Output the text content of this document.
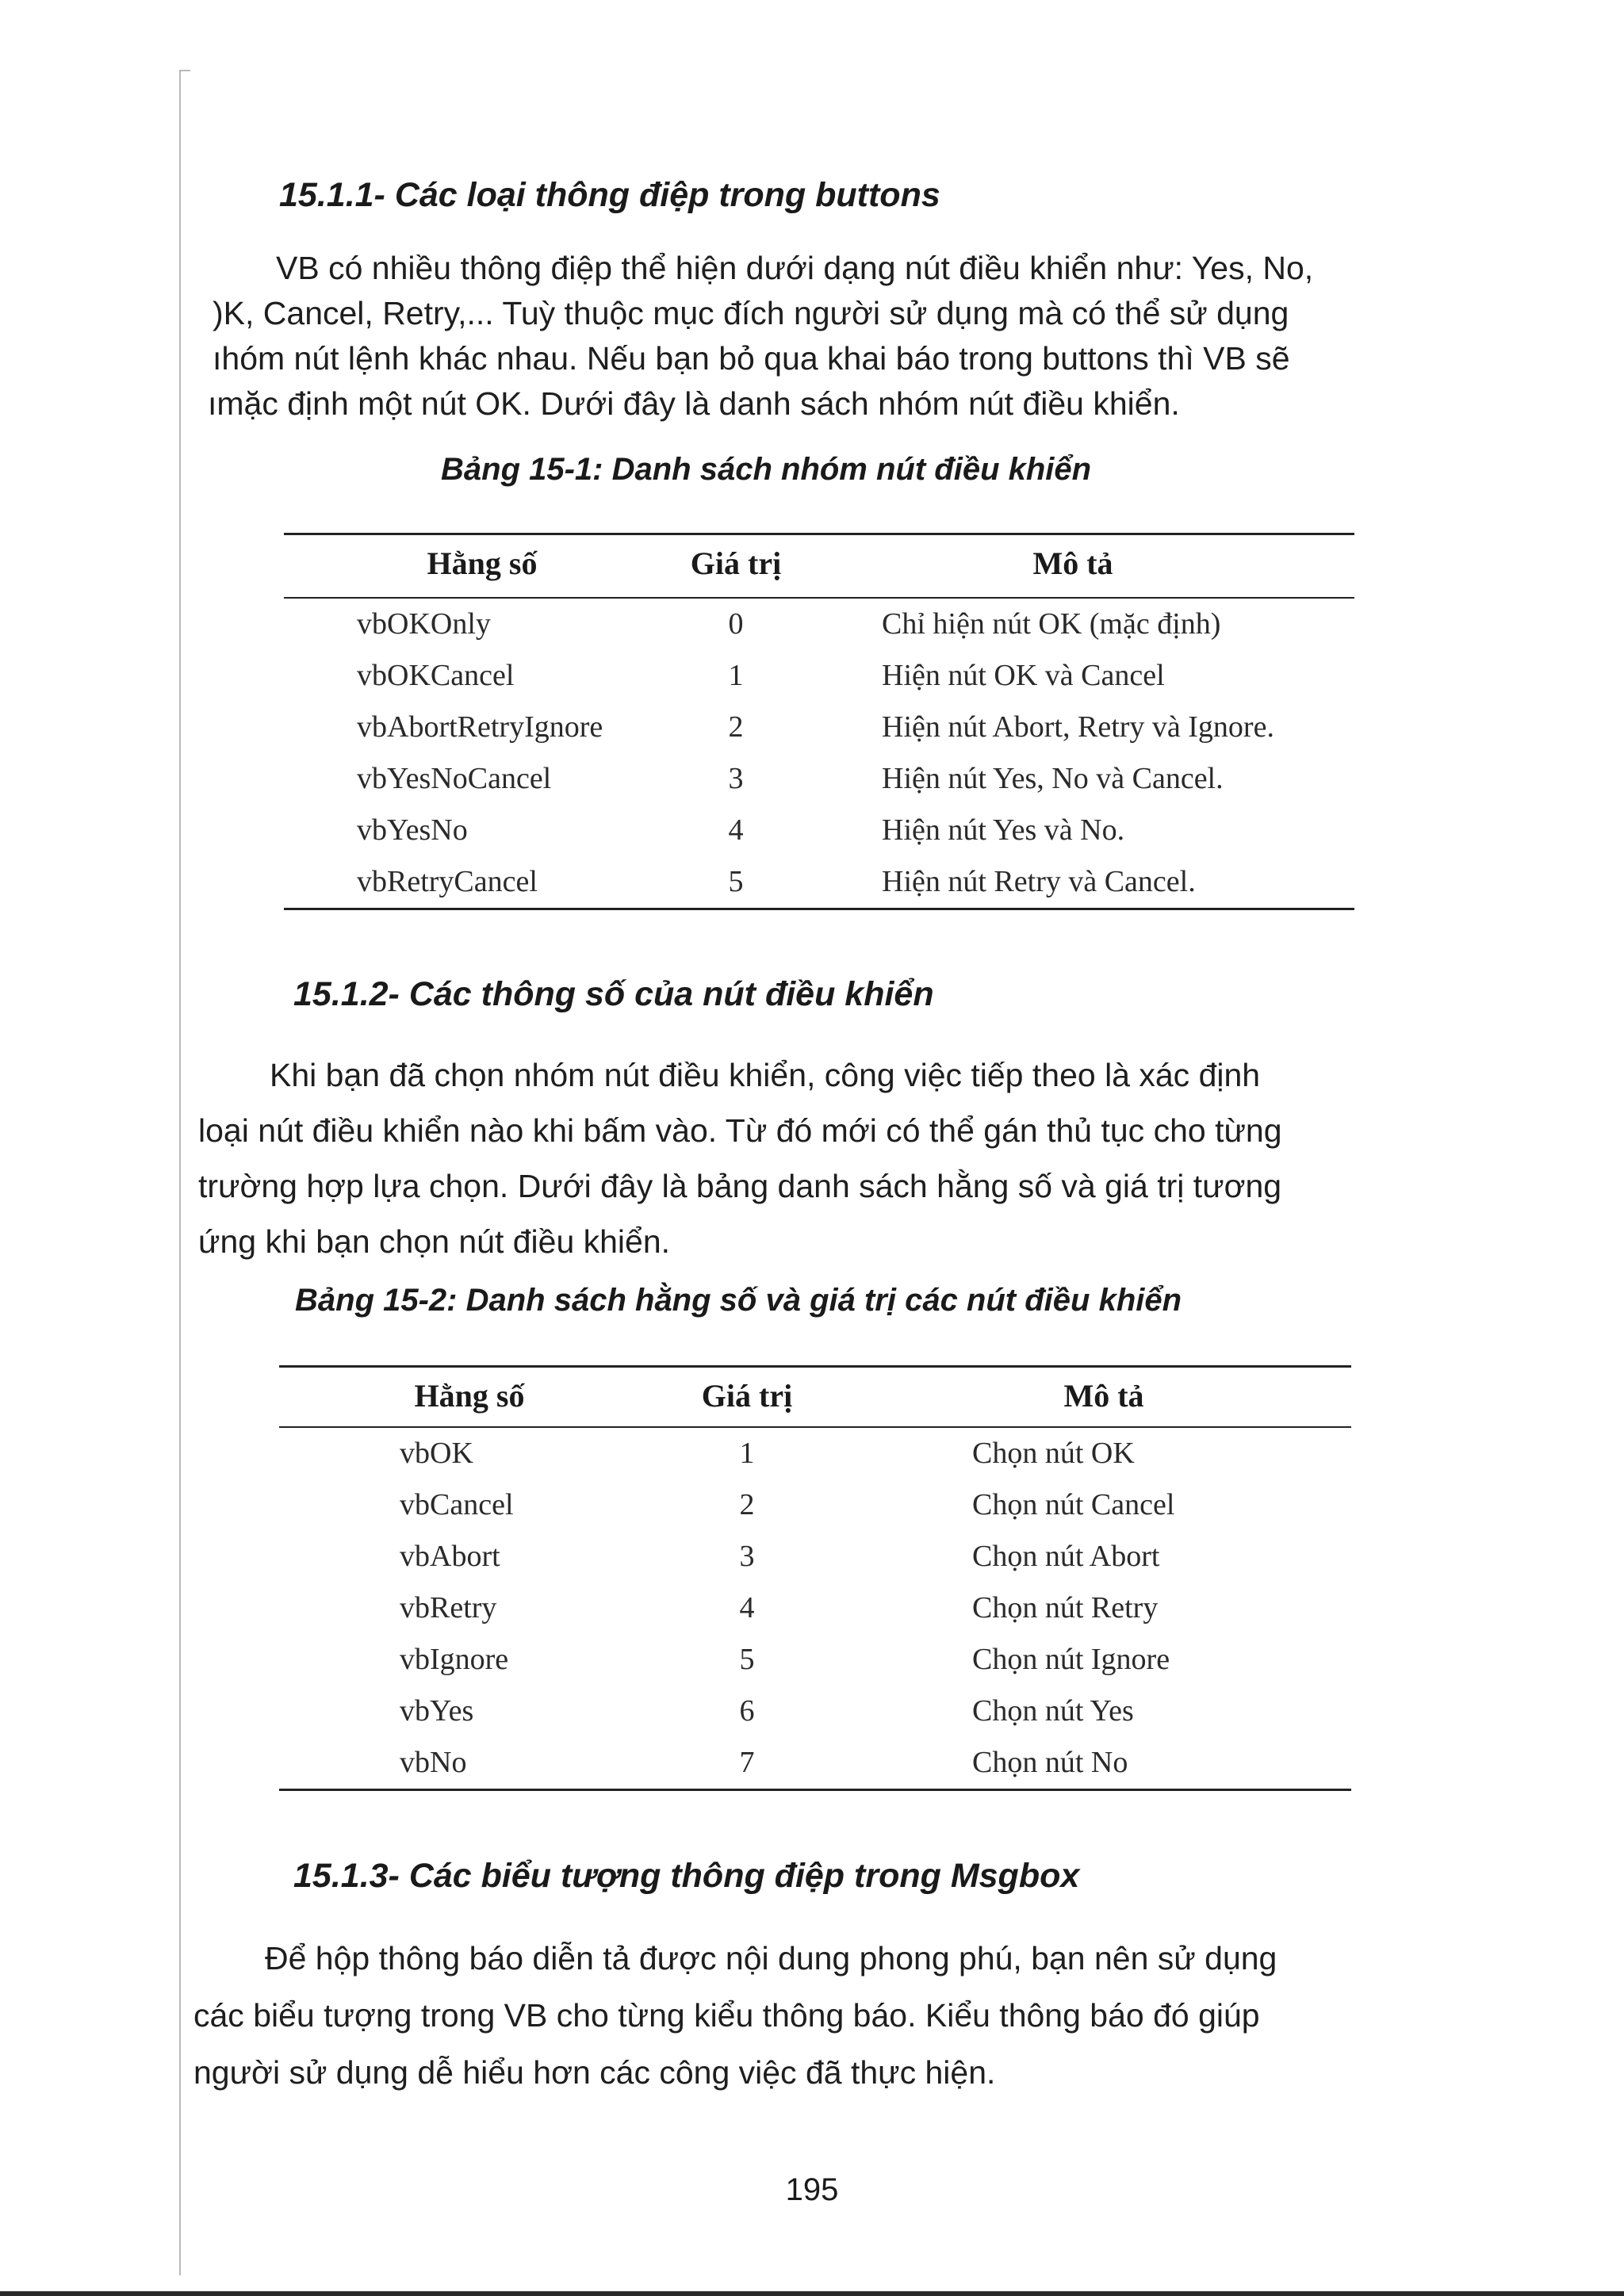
15.1.1- Các loại thông điệp trong buttons

VB có nhiều thông điệp thể hiện dưới dạng nút điều khiển như: Yes, No,

)K, Cancel, Retry,... Tuỳ thuộc mục đích người sử dụng mà có thể sử dụng

ıhóm nút lệnh khác nhau. Nếu bạn bỏ qua khai báo trong buttons thì VB sẽ

ımặc định một nút OK. Dưới đây là danh sách nhóm nút điều khiển.

Bảng 15-1: Danh sách nhóm nút điều khiển

Hằng số	Giá trị	Mô tả
vbOKOnly	0	Chỉ hiện nút OK (mặc định)
vbOKCancel	1	Hiện nút OK và Cancel
vbAbortRetryIgnore	2	Hiện nút Abort, Retry và Ignore.
vbYesNoCancel	3	Hiện nút Yes, No và Cancel.
vbYesNo	4	Hiện nút Yes và No.
vbRetryCancel	5	Hiện nút Retry và Cancel.
15.1.2- Các thông số của nút điều khiển

Khi bạn đã chọn nhóm nút điều khiển, công việc tiếp theo là xác định

loại nút điều khiển nào khi bấm vào. Từ đó mới có thể gán thủ tục cho từng

trường hợp lựa chọn. Dưới đây là bảng danh sách hằng số và giá trị tương

ứng khi bạn chọn nút điều khiển.

Bảng 15-2: Danh sách hằng số và giá trị các nút điều khiển

Hằng số	Giá trị	Mô tả
vbOK	1	Chọn nút OK
vbCancel	2	Chọn nút Cancel
vbAbort	3	Chọn nút Abort
vbRetry	4	Chọn nút Retry
vbIgnore	5	Chọn nút Ignore
vbYes	6	Chọn nút Yes
vbNo	7	Chọn nút No
15.1.3- Các biểu tượng thông điệp trong Msgbox

Để hộp thông báo diễn tả được nội dung phong phú, bạn nên sử dụng

các biểu tượng trong VB cho từng kiểu thông báo. Kiểu thông báo đó giúp

người sử dụng dễ hiểu hơn các công việc đã thực hiện.

195
